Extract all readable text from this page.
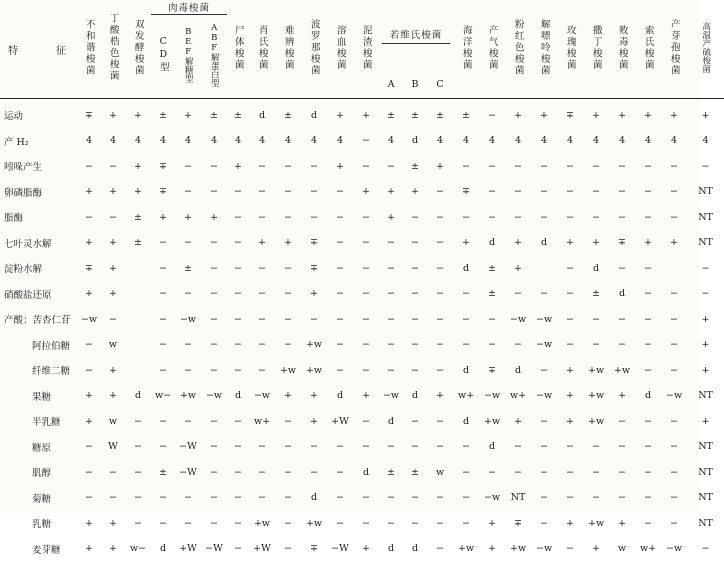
特　征	不和谐梭菌	丁酸梏色梭菌	双发酵梭菌	肉毒梭菌			尸体梭菌	肖氏梭菌	难辨梭菌	波罗那梭菌	溶血梭菌	泥渣梭菌	若维氏梭菌			海洋梭菌	产气梭菌	粉红色梭菌	解嘌呤梭菌	玫瑰梭菌	撒丁梭菌	败毒梭菌	索氏梭菌	产芽孢梭菌	高温产硫梭菌
				CD型	BEF解糖型	ABF解蛋白型																			
													A	B	C										

运动	∓	+	+	±	+	±	±	d	±	d	+	+	±	±	±	±	−	+	+	∓	+	+	+	+	+
产 H₂	4	4	4	4	4	4	4	4	4	4	4	−	4	d	4	4	4	4	4	4	4	4	4	4	4
吲哚产生	−	−	+	∓	−	−	+	−	−	−	+	−	−	±	+	−	−	−	−	−	−	−	−	−	−
卵磷脂酶	+	+	+	∓	−	−	−	−	−	−	−	+	+	+	−	∓	−	−	−	−	−	−	−	−	NT
脂酶	−	−	±	+	+	+	−	−	−	−	−	−	+	−	−	−	−	−	−	−	−	−	−	−	NT
七叶灵水解	+	+	±	−	−	−	−	+	+	∓	−	−	−	−	−	+	d	+	d	+	+	∓	+	+	NT
淀粉水解	∓	+		−	±	−	−	−	−	∓	−	−	−	−	−	d	±	+		−	d	−	−		−
硝酸盐还原	+	+		−	−	−	−	−	−	+	−	−	−	−	−	−	±	−	−	−	±	d	−	−	−
产酸：苦杏仁苷	−w	−		−	−w	−	−	−	−	−	−	−	−	−	−	−	−	−w	−w	−	−	−	−	−	+
阿拉伯糖	−	w		−	−	−	−	−	−	+w	−	−	−	−	−	−	−	−	−w	−	−	−	−	−	+
纤维二糖	−	+		−	−	−	−	−	+w	+w	−	−	−	−	−	d	∓	d	−	+	+w	+w	−	−	+
果糖	+	+	d	w−	+w	−w	d	−w	+	+	d	+	−w	d	+	w+	−w	w+	−w	+	+w	+	d	−w	NT
半乳糖	+	w	−	−	−	−	−	w+	−	+	+W	−	d	−	−	d	+w	+	−	+	+w	−	−	−	+
糖原	−	W	−	−	−W	−	−	−	−	−	−	−	−	−	−	−	d	−	−	−	−	−	−	−	NT
肌醇	−	−	−	±	−W	−	−	−	−	−	−	d	±	±	w	−	−	−	−	−	−	−	−	−	NT
菊糖	−	−	−	−	−	−	−	−	−	d	−	−	−	−	−	−	−w	NT	−	−	−	−	−	−	NT
乳糖	+	+	−	−	−	−	−	+w	−	+w	−	−	−	−	−	−	+	∓	−	+	+w	+	−	−	NT
麦芽糖	+	+	w−	d	+W	−W	−	+W	−	∓	−W	+	d	d	−	+w	+	+w	−w	−	+	w	w+	−w	−
